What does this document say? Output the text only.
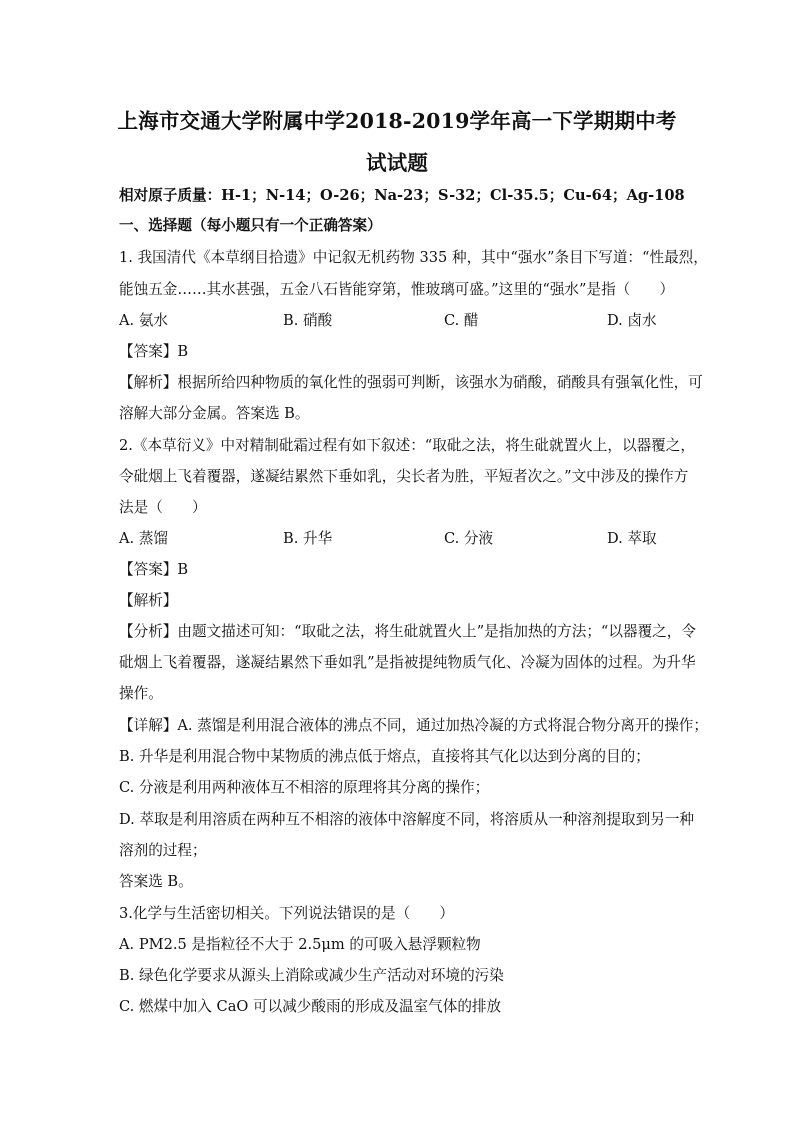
上海市交通大学附属中学2018-2019学年高一下学期期中考
试试题
相对原子质量：H-1；N-14；O-26；Na-23；S-32；Cl-35.5；Cu-64；Ag-108
一、选择题（每小题只有一个正确答案）
1. 我国清代《本草纲目拾遗》中记叙无机药物 335 种，其中“强水”条目下写道：“性最烈，
能蚀五金……其水甚强，五金八石皆能穿第，惟玻璃可盛。”这里的“强水”是指（　　）
A. 氨水	B. 硝酸	C. 醋	D. 卤水
【答案】B
【解析】根据所给四种物质的氧化性的强弱可判断，该强水为硝酸，硝酸具有强氧化性，可
溶解大部分金属。答案选 B。
2.《本草衍义》中对精制砒霜过程有如下叙述：“取砒之法，将生砒就置火上，以器覆之，
令砒烟上飞着覆器，遂凝结累然下垂如乳，尖长者为胜，平短者次之。”文中涉及的操作方
法是（　　）
A. 蒸馏	B. 升华	C. 分液	D. 萃取
【答案】B
【解析】
【分析】由题文描述可知：“取砒之法，将生砒就置火上”是指加热的方法；“以器覆之，令
砒烟上飞着覆器，遂凝结累然下垂如乳”是指被提纯物质气化、冷凝为固体的过程。为升华
操作。
【详解】A. 蒸馏是利用混合液体的沸点不同，通过加热冷凝的方式将混合物分离开的操作；
B. 升华是利用混合物中某物质的沸点低于熔点，直接将其气化以达到分离的目的；
C. 分液是利用两种液体互不相溶的原理将其分离的操作；
D. 萃取是利用溶质在两种互不相溶的液体中溶解度不同，将溶质从一种溶剂提取到另一种
溶剂的过程；
答案选 B。
3.化学与生活密切相关。下列说法错误的是（　　）
A. PM2.5 是指粒径不大于 2.5μm 的可吸入悬浮颗粒物
B. 绿色化学要求从源头上消除或减少生产活动对环境的污染
C. 燃煤中加入 CaO 可以减少酸雨的形成及温室气体的排放
